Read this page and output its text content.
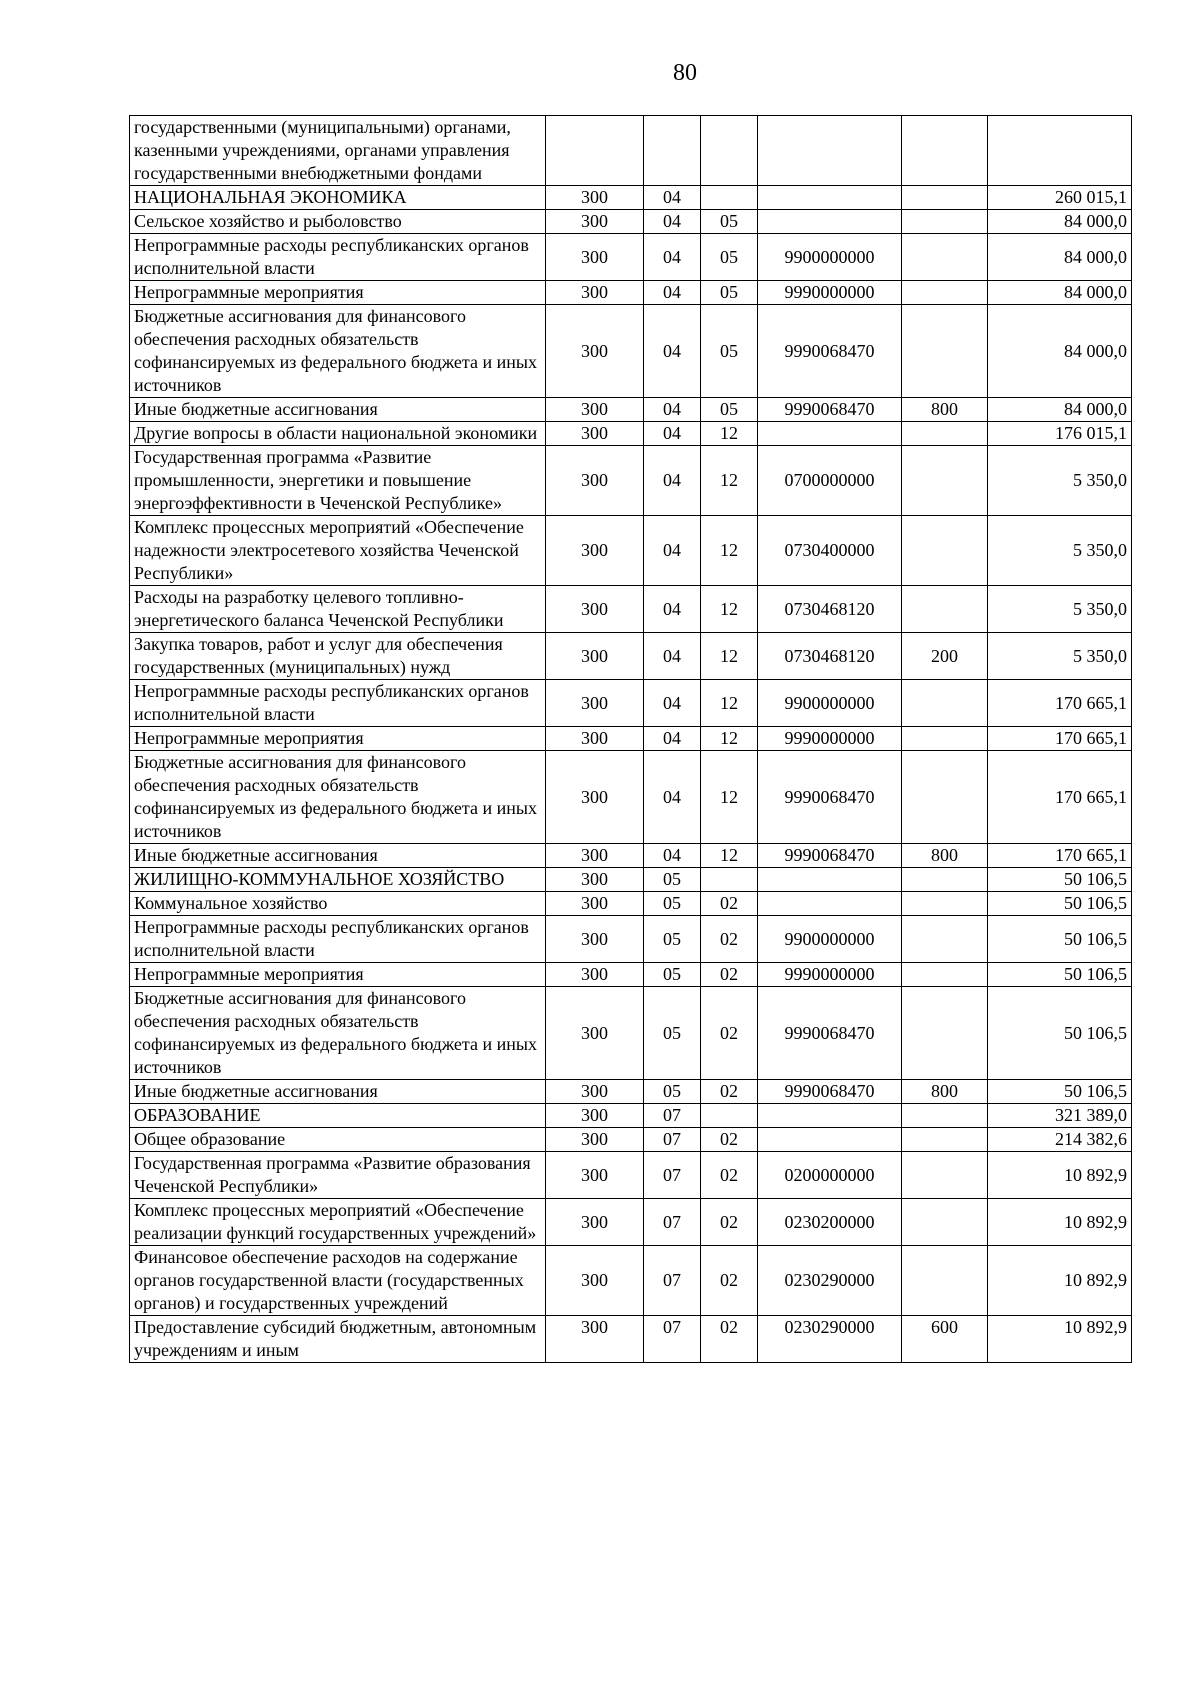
80
государственными (муниципальными) органами, казенными учреждениями, органами управления государственными внебюджетными фондами						
НАЦИОНАЛЬНАЯ ЭКОНОМИКА	300	04				260 015,1
Сельское хозяйство и рыболовство	300	04	05			84 000,0
Непрограммные расходы республиканских органов исполнительной власти	300	04	05	9900000000		84 000,0
Непрограммные мероприятия	300	04	05	9990000000		84 000,0
Бюджетные ассигнования для финансового обеспечения расходных обязательств софинансируемых из федерального бюджета и иных источников	300	04	05	9990068470		84 000,0
Иные бюджетные ассигнования	300	04	05	9990068470	800	84 000,0
Другие вопросы в области национальной экономики	300	04	12			176 015,1
Государственная программа «Развитие промышленности, энергетики и повышение энергоэффективности в Чеченской Республике»	300	04	12	0700000000		5 350,0
Комплекс процессных мероприятий «Обеспечение надежности электросетевого хозяйства Чеченской Республики»	300	04	12	0730400000		5 350,0
Расходы на разработку целевого топливно-энергетического баланса Чеченской Республики	300	04	12	0730468120		5 350,0
Закупка товаров, работ и услуг для обеспечения государственных (муниципальных) нужд	300	04	12	0730468120	200	5 350,0
Непрограммные расходы республиканских органов исполнительной власти	300	04	12	9900000000		170 665,1
Непрограммные мероприятия	300	04	12	9990000000		170 665,1
Бюджетные ассигнования для финансового обеспечения расходных обязательств софинансируемых из федерального бюджета и иных источников	300	04	12	9990068470		170 665,1
Иные бюджетные ассигнования	300	04	12	9990068470	800	170 665,1
ЖИЛИЩНО-КОММУНАЛЬНОЕ ХОЗЯЙСТВО	300	05				50 106,5
Коммунальное хозяйство	300	05	02			50 106,5
Непрограммные расходы республиканских органов исполнительной власти	300	05	02	9900000000		50 106,5
Непрограммные мероприятия	300	05	02	9990000000		50 106,5
Бюджетные ассигнования для финансового обеспечения расходных обязательств софинансируемых из федерального бюджета и иных источников	300	05	02	9990068470		50 106,5
Иные бюджетные ассигнования	300	05	02	9990068470	800	50 106,5
ОБРАЗОВАНИЕ	300	07				321 389,0
Общее образование	300	07	02			214 382,6
Государственная программа «Развитие образования Чеченской Республики»	300	07	02	0200000000		10 892,9
Комплекс процессных мероприятий «Обеспечение реализации функций государственных учреждений»	300	07	02	0230200000		10 892,9
Финансовое обеспечение расходов на содержание органов государственной власти (государственных органов) и государственных учреждений	300	07	02	0230290000		10 892,9
Предоставление субсидий бюджетным, автономным учреждениям и иным	300	07	02	0230290000	600	10 892,9
